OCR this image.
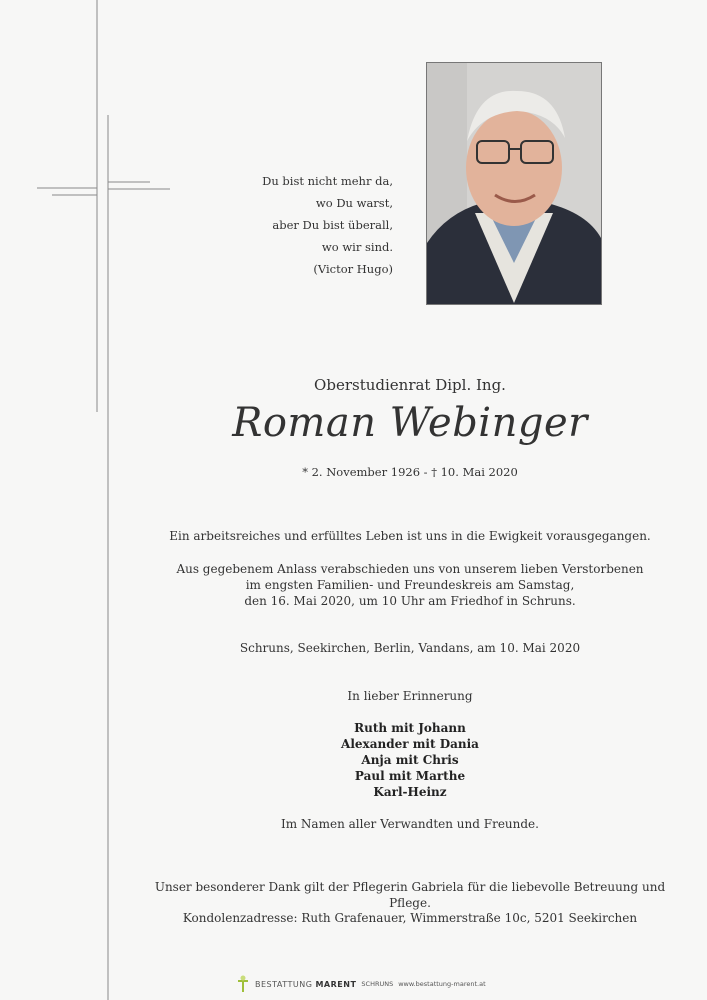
Du bist nicht mehr da,
wo Du warst,
aber Du bist überall,
wo wir sind.
(Victor Hugo)
Oberstudienrat Dipl. Ing.
Roman Webinger
* 2. November 1926 - † 10. Mai 2020
Ein arbeitsreiches und erfülltes Leben ist uns in die Ewigkeit vorausgegangen.
Aus gegebenem Anlass verabschieden uns von unserem lieben Verstorbenen
im engsten Familien- und Freundeskreis am Samstag,
den 16. Mai 2020, um 10 Uhr am Friedhof in Schruns.
Schruns, Seekirchen, Berlin, Vandans, am 10. Mai 2020
In lieber Erinnerung
Ruth mit Johann
Alexander mit Dania
Anja mit Chris
Paul mit Marthe
Karl-Heinz
Im Namen aller Verwandten und Freunde.
Unser besonderer Dank gilt der Pflegerin Gabriela für die liebevolle Betreuung und Pflege.
Kondolenzadresse: Ruth Grafenauer, Wimmerstraße 10c, 5201 Seekirchen
BESTATTUNG MARENT SCHRUNS www.bestattung-marent.at
